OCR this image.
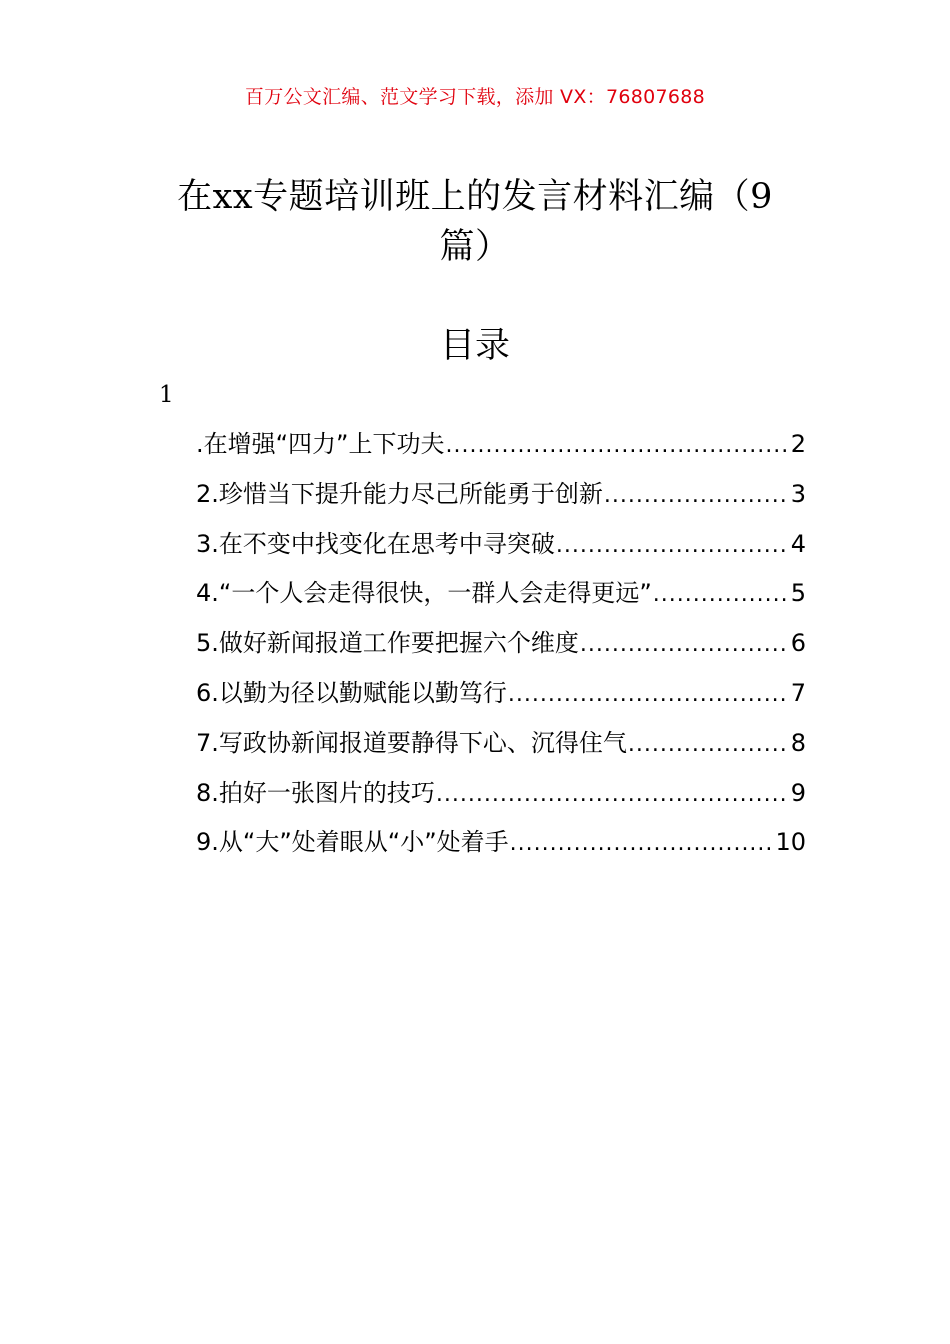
百万公文汇编、范文学习下载，添加 VX：76807688
在xx专题培训班上的发言材料汇编（9
篇）
目录
1
.在增强“四力”上下功夫 .....	2
2.珍惜当下提升能力尽己所能勇于创新 .....	3
3.在不变中找变化在思考中寻突破 .....	4
4.“一个人会走得很快，一群人会走得更远” .....	5
5.做好新闻报道工作要把握六个维度 .....	6
6.以勤为径以勤赋能以勤笃行 .....	7
7.写政协新闻报道要静得下心、沉得住气 .....	8
8.拍好一张图片的技巧 .....	9
9.从“大”处着眼从“小”处着手 .....	10
